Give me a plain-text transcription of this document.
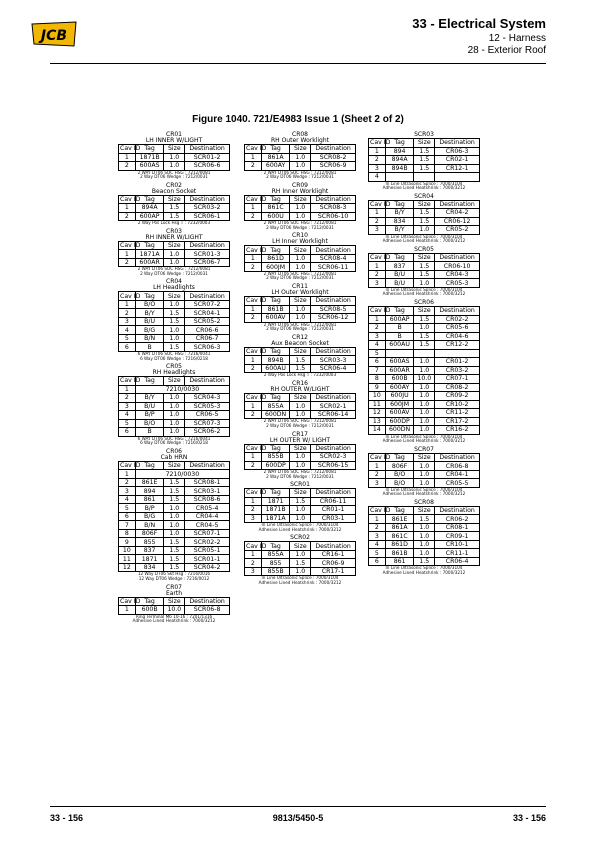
JCB
33 - Electrical System
12 - Harness
28 - Exterior Roof
Figure 1040. 721/E4983 Issue 1 (Sheet 2 of 2)
CR01
LH INNER W/LIGHT
Cav ID	Tag	Size	Destination
1	1871B	1.0	SCR01-2
2	600AS	1.0	SCR06-6
2 WAY DT06 SOC HSG : 7212/0081
2 Way DT06 Wedge : 7212/0031
CR02
Beacon Socket
Cav ID	Tag	Size	Destination
1	894A	1.5	SCR03-2
2	600AP	1.5	SCR06-1
2 Way Pos Lock Hsg T : 7232/0003
CR03
RH INNER W/LIGHT
Cav ID	Tag	Size	Destination
1	1871A	1.0	SCR01-3
2	600AR	1.0	SCR06-7
2 WAY DT06 SOC HSG : 7212/0081
2 Way DT06 Wedge : 7212/0031
CR04
LH Headlights
Cav ID	Tag	Size	Destination
1	B/O	1.0	SCR07-2
2	B/Y	1.5	SCR04-1
3	B/U	1.5	SCR05-2
4	B/G	1.0	CR06-6
5	B/N	1.0	CR06-7
6	B	1.5	SCR06-3
6 WAY DT06 SOC HSG : 7216/0041
6 Way DT06 Wedge : 7216/0218
CR05
RH Headlights
Cav ID	Tag	Size	Destination
1	7210/0030		
2	B/Y	1.0	SCR04-3
3	B/U	1.0	SCR05-3
4	B/P	1.0	CR06-5
5	B/O	1.0	SCR07-3
6	B	1.0	SCR06-2
6 WAY DT06 SOC HSG : 7216/0041
6 Way DT06 Wedge : 7216/0218
CR06
Cab HRN
Cav ID	Tag	Size	Destination
1	7210/0030		
2	861E	1.5	SCR08-1
3	894	1.5	SCR03-1
4	861	1.5	SCR08-6
5	B/P	1.0	CR05-4
6	B/G	1.0	CR04-4
7	B/N	1.0	CR04-5
8	806F	1.0	SCR07-1
9	855	1.5	SCR02-2
10	837	1.5	SCR05-1
11	1871	1.5	SCR01-1
12	834	1.5	SCR04-2
12 Way DT06 Skt Hsg : 7216/0016
12 Way DT06 Wedge : 7216/0012
CR07
Earth
Cav ID	Tag	Size	Destination
1	600B	10.0	SCR06-8
Ring Terminal M6 10-16 : 7201/1316
Adhesive Lined Heatshrink : 7000/3212
CR08
RH Outer Worklight
Cav ID	Tag	Size	Destination
1	861A	1.0	SCR08-2
2	600AY	1.0	SCR06-9
2 WAY DT06 SOC HSG : 7212/0081
2 Way DT06 Wedge : 7212/0031
CR09
RH Inner Worklight
Cav ID	Tag	Size	Destination
1	861C	1.0	SCR08-3
2	600U	1.0	SCR06-10
2 WAY DT06 SOC HSG : 7212/0081
2 Way DT06 Wedge : 7212/0031
CR10
LH Inner Worklight
Cav ID	Tag	Size	Destination
1	861D	1.0	SCR08-4
2	600JM	1.0	SCR06-11
2 WAY DT06 SOC HSG : 7212/0081
2 Way DT06 Wedge : 7212/0031
CR11
LH Outer Worklight
Cav ID	Tag	Size	Destination
1	861B	1.0	SCR08-5
2	600AV	1.0	SCR06-12
2 WAY DT06 SOC HSG : 7212/0081
2 Way DT06 Wedge : 7212/0031
CR12
Aux Beacon Socket
Cav ID	Tag	Size	Destination
1	894B	1.5	SCR03-3
2	600AU	1.5	SCR06-4
2 Way Pos Lock Hsg T : 7232/0003
CR16
RH OUTER W/LIGHT
Cav ID	Tag	Size	Destination
1	855A	1.0	SCR02-1
2	600DN	1.0	SCR06-14
2 WAY DT06 SOC HSG : 7212/0081
2 Way DT06 Wedge : 7212/0031
CR17
LH OUTER W/ LIGHT
Cav ID	Tag	Size	Destination
1	855B	1.0	SCR02-3
2	600DP	1.0	SCR06-15
2 WAY DT06 SOC HSG : 7212/0081
2 Way DT06 Wedge : 7212/0031
SCR01
Cav ID	Tag	Size	Destination
1	1871	1.5	CR06-11
2	1871B	1.0	CR01-1
3	1871A	1.0	CR03-1
In Line Ultrasonic Splice : 7000/3104
Adhesive Lined Heatshrink : 7000/3212
SCR02
Cav ID	Tag	Size	Destination
1	855A	1.0	CR16-1
2	855	1.5	CR06-9
3	855B	1.0	CR17-1
In Line Ultrasonic Splice : 7000/3104
Adhesive Lined Heatshrink : 7000/3212
SCR03
Cav ID	Tag	Size	Destination
1	894	1.5	CR06-3
2	894A	1.5	CR02-1
3	894B	1.5	CR12-1
4			
In Line Ultrasonic Splice : 7000/3104
Adhesive Lined Heatshrink : 7000/3212
SCR04
Cav ID	Tag	Size	Destination
1	B/Y	1.5	CR04-2
2	834	1.5	CR06-12
3	B/Y	1.0	CR05-2
In Line Ultrasonic Splice : 7000/3104
Adhesive Lined Heatshrink : 7000/3212
SCR05
Cav ID	Tag	Size	Destination
1	837	1.5	CR06-10
2	B/U	1.5	CR04-3
3	B/U	1.0	CR05-3
In Line Ultrasonic Splice : 7000/3104
Adhesive Lined Heatshrink : 7000/3212
SCR06
Cav ID	Tag	Size	Destination
1	600AP	1.5	CR02-2
2	B	1.0	CR05-6
3	B	1.5	CR04-6
4	600AU	1.5	CR12-2
5			
6	600AS	1.0	CR01-2
7	600AR	1.0	CR03-2
8	600B	10.0	CR07-1
9	600AY	1.0	CR08-2
10	600JU	1.0	CR09-2
11	600JM	1.0	CR10-2
12	600AV	1.0	CR11-2
13	600DP	1.0	CR17-2
14	600DN	1.0	CR16-2
In Line Ultrasonic Splice : 7000/3104
Adhesive Lined Heatshrink : 7000/3212
SCR07
Cav ID	Tag	Size	Destination
1	806F	1.0	CR06-8
2	B/O	1.0	CR04-1
3	B/O	1.0	CR05-5
In Line Ultrasonic Splice : 7000/3104
Adhesive Lined Heatshrink : 7000/3212
SCR08
Cav ID	Tag	Size	Destination
1	861E	1.5	CR06-2
2	861A	1.0	CR08-1
3	861C	1.0	CR09-1
4	861D	1.0	CR10-1
5	861B	1.0	CR11-1
6	861	1.5	CR06-4
In Line Ultrasonic Splice : 7000/3104
Adhesive Lined Heatshrink : 7000/3212
33 - 156	9813/5450-5	33 - 156
